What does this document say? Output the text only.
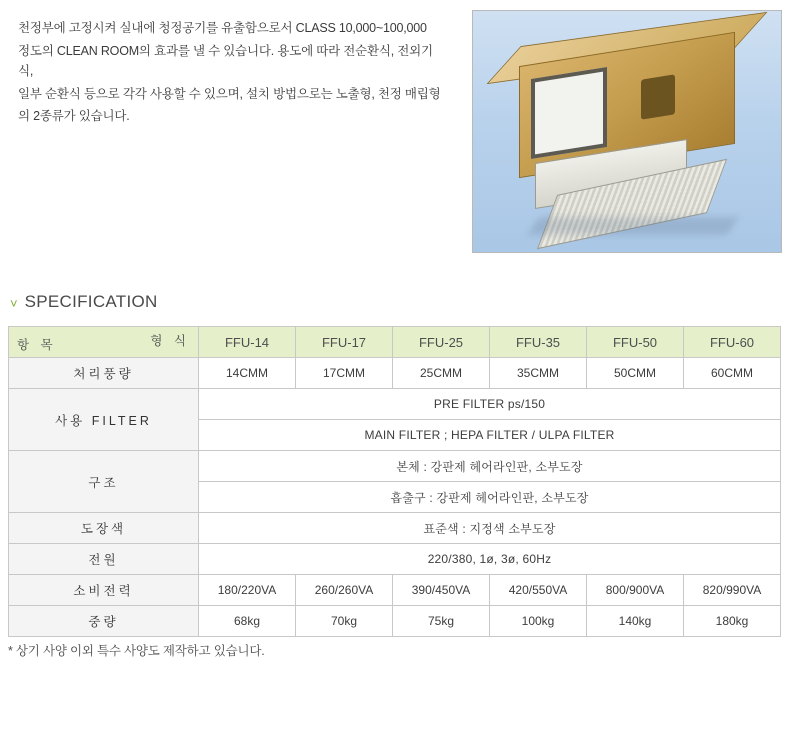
천정부에 고정시켜 실내에 청정공기를 유출함으로서 CLASS 10,000~100,000

정도의 CLEAN ROOM의 효과를 낼 수 있습니다. 용도에 따라 전순환식, 전외기식,

일부 순환식 등으로 각각 사용할 수 있으며, 설치 방법으로는 노출형, 천정 매립형

의 2종류가 있습니다.

˅ SPECIFICATION
항 목 형 식	FFU-14	FFU-17	FFU-25	FFU-35	FFU-50	FFU-60
처리풍량	14CMM	17CMM	25CMM	35CMM	50CMM	60CMM
사용 FILTER	PRE FILTER ps/150					
	MAIN FILTER ; HEPA FILTER / ULPA FILTER					
구조	본체 : 강판제 헤어라인판, 소부도장					
	흡출구 : 강판제 헤어라인판, 소부도장					
도장색	표준색 : 지정색 소부도장					
전원	220/380, 1ø, 3ø, 60Hz					
소비전력	180/220VA	260/260VA	390/450VA	420/550VA	800/900VA	820/990VA
중량	68kg	70kg	75kg	100kg	140kg	180kg
* 상기 사양 이외 특수 사양도 제작하고 있습니다.
